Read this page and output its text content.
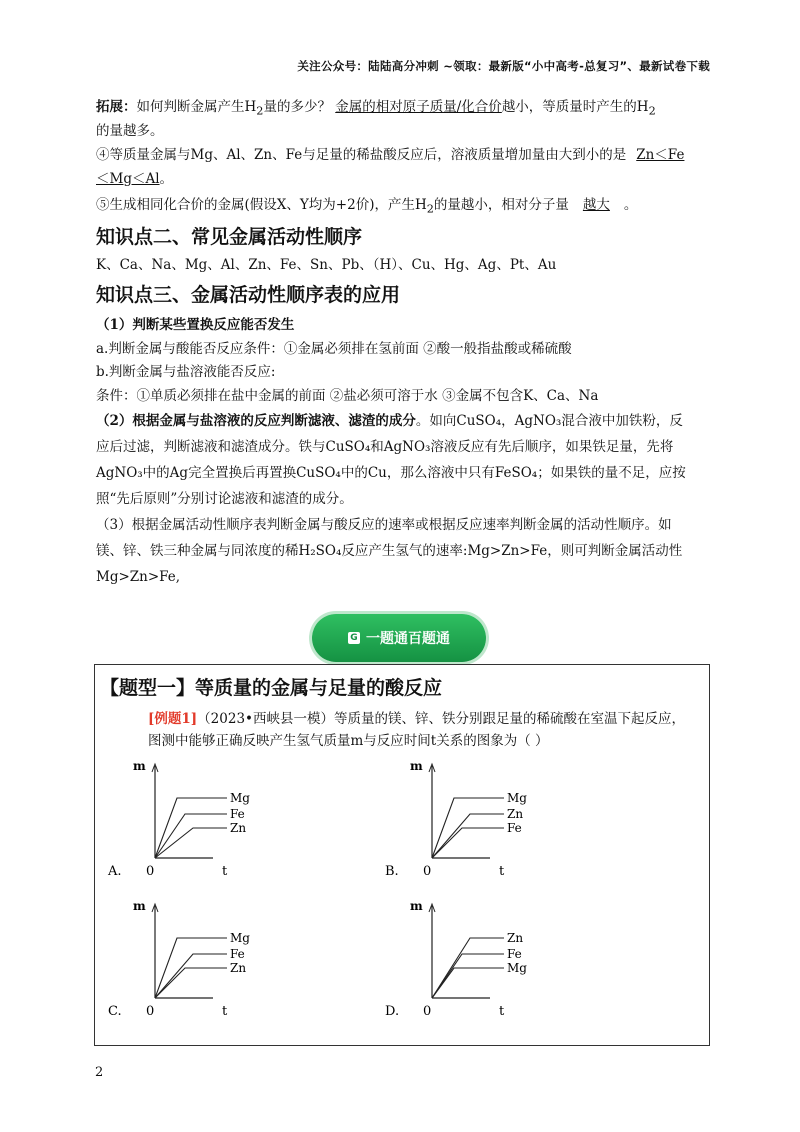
关注公众号：陆陆高分冲刺 ~领取：最新版“小中高考-总复习”、最新试卷下载
拓展：如何判断金属产生$H_2$量的多少？ 金属的相对原子质量/化合价越小，等质量时产生的$H_2$
的量越多。
④等质量金属与Mg、Al、Zn、Fe与足量的稀盐酸反应后，溶液质量增加量由大到小的是 Zn＜Fe
＜Mg＜Al。
⑤生成相同化合价的金属(假设X、Y均为+2价)，产生$H_2$的量越小，相对分子量 越大 。
知识点二、常见金属活动性顺序
K、Ca、Na、Mg、Al、Zn、Fe、Sn、Pb、（H）、Cu、Hg、Ag、Pt、Au
知识点三、金属活动性顺序表的应用
（1）判断某些置换反应能否发生
a.判断金属与酸能否反应条件：①金属必须排在氢前面 ②酸一般指盐酸或稀硫酸
b.判断金属与盐溶液能否反应:
条件：①单质必须排在盐中金属的前面 ②盐必须可溶于水 ③金属不包含K、Ca、Na
（2）根据金属与盐溶液的反应判断滤液、滤渣的成分。如向CuSO₄，AgNO₃混合液中加铁粉，反
应后过滤，判断滤液和滤渣成分。铁与CuSO₄和AgNO₃溶液反应有先后顺序，如果铁足量，先将
AgNO₃中的Ag完全置换后再置换CuSO₄中的Cu，那么溶液中只有FeSO₄；如果铁的量不足，应按
照“先后原则”分别讨论滤液和滤渣的成分。
（3）根据金属活动性顺序表判断金属与酸反应的速率或根据反应速率判断金属的活动性顺序。如
镁、锌、铁三种金属与同浓度的稀H₂SO₄反应产生氢气的速率:Mg>Zn>Fe，则可判断金属活动性
Mg>Zn>Fe,
G 一题通百题通
【题型一】等质量的金属与足量的酸反应
[例题1]（2023•西峡县一模）等质量的镁、锌、铁分别跟足量的稀硫酸在室温下起反应，
图测中能够正确反映产生氢气质量m与反应时间t关系的图象为（ ）
m
t
0
A.
Mg
Fe
Zn
m
t
0
B.
Mg
Zn
Fe
m
t
0
C.
Mg
Fe
Zn
m
t
0
D.
Zn
Fe
Mg
2
